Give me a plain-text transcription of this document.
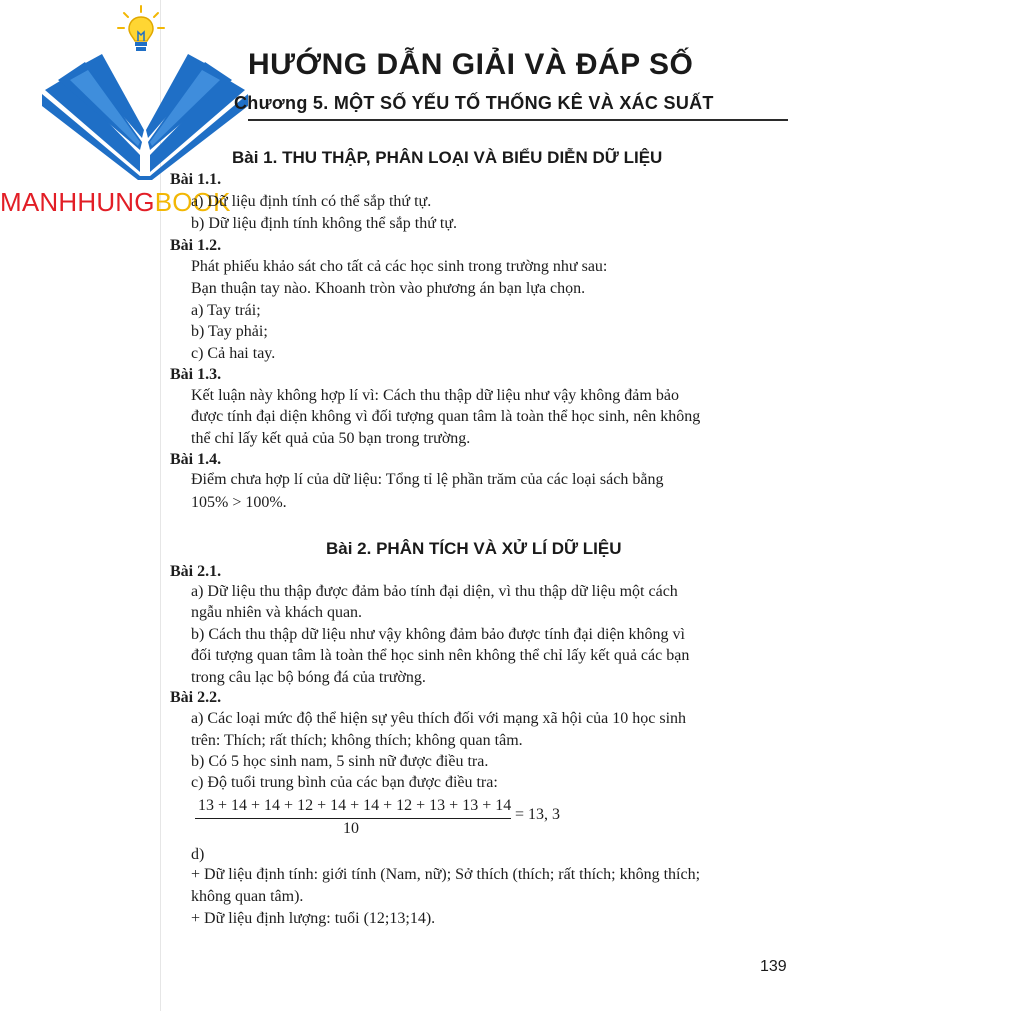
MANHHUNGBOOK
HƯỚNG DẪN GIẢI VÀ ĐÁP SỐ
Chương 5. MỘT SỐ YẾU TỐ THỐNG KÊ VÀ XÁC SUẤT
Bài 1. THU THẬP, PHÂN LOẠI VÀ BIỂU DIỄN DỮ LIỆU
Bài 1.1.
a) Dữ liệu định tính có thể sắp thứ tự.
b) Dữ liệu định tính không thể sắp thứ tự.
Bài 1.2.
Phát phiếu khảo sát cho tất cả các học sinh trong trường như sau:
Bạn thuận tay nào. Khoanh tròn vào phương án bạn lựa chọn.
a) Tay trái;
b) Tay phải;
c) Cả hai tay.
Bài 1.3.
Kết luận này không hợp lí vì: Cách thu thập dữ liệu như vậy không đảm bảo
được tính đại diện không vì đối tượng quan tâm là toàn thể học sinh, nên không
thể chỉ lấy kết quả của 50 bạn trong trường.
Bài 1.4.
Điểm chưa hợp lí của dữ liệu: Tổng tỉ lệ phần trăm của các loại sách bằng
105% > 100%.
Bài 2. PHÂN TÍCH VÀ XỬ LÍ DỮ LIỆU
Bài 2.1.
a) Dữ liệu thu thập được đảm bảo tính đại diện, vì thu thập dữ liệu một cách
ngẫu nhiên và khách quan.
b) Cách thu thập dữ liệu như vậy không đảm bảo được tính đại diện không vì
đối tượng quan tâm là toàn thể học sinh nên không thể chỉ lấy kết quả các bạn
trong câu lạc bộ bóng đá của trường.
Bài 2.2.
a) Các loại mức độ thể hiện sự yêu thích đối với mạng xã hội của 10 học sinh
trên: Thích; rất thích; không thích; không quan tâm.
b) Có 5 học sinh nam, 5 sinh nữ được điều tra.
c) Độ tuổi trung bình của các bạn được điều tra:
13 + 14 + 14 + 12 + 14 + 14 + 12 + 13 + 13 + 14
10
= 13, 3
d)
+ Dữ liệu định tính: giới tính (Nam, nữ); Sở thích (thích; rất thích; không thích;
không quan tâm).
+ Dữ liệu định lượng: tuổi (12;13;14).
139
